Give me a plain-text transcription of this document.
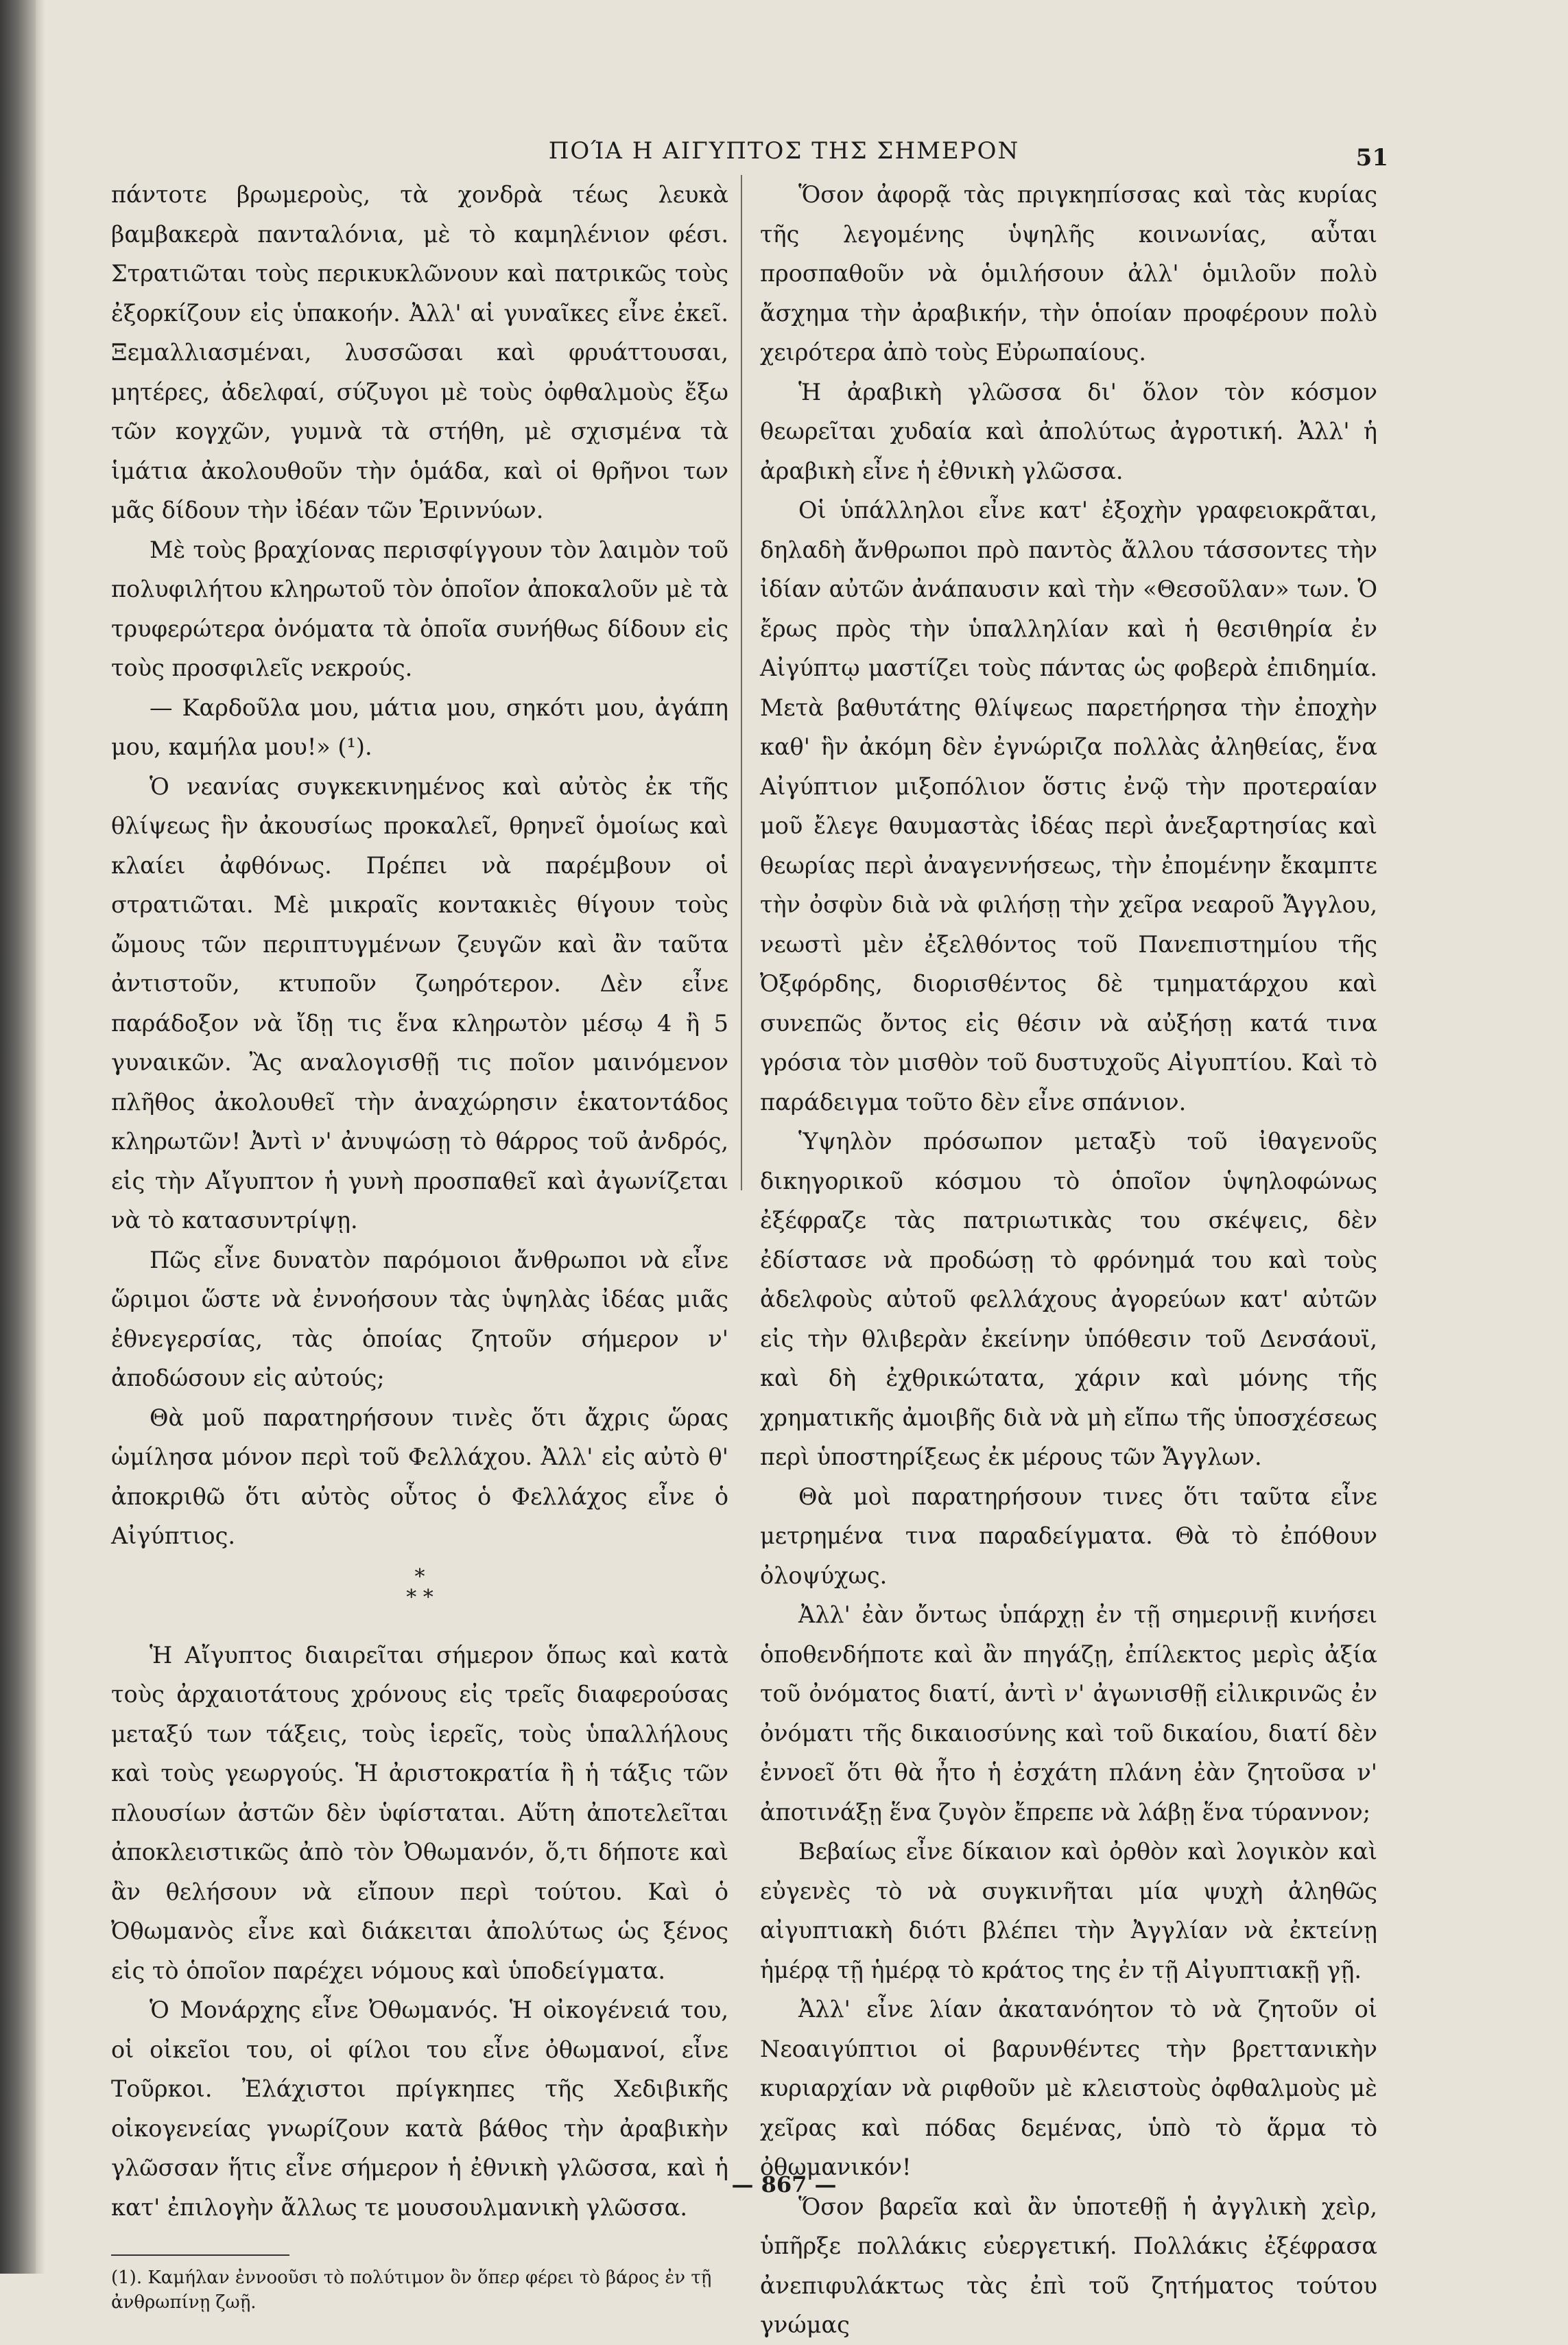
ΠΟΊΑ Η ΑΙΓΥΠΤΟΣ ΤΗΣ ΣΗΜΕΡΟΝ	51

πάντοτε βρωμεροὺς, τὰ χονδρὰ τέως λευκὰ βαμβακερὰ πανταλόνια, μὲ τὸ καμηλένιον φέσι. Στρατιῶται τοὺς περικυκλῶνουν καὶ πατρικῶς τοὺς ἐξορκίζουν εἰς ὑπακοήν. Ἀλλ' αἱ γυναῖκες εἶνε ἐκεῖ. Ξεμαλλιασμέναι, λυσσῶσαι καὶ φρυάττουσαι, μητέρες, ἀδελφαί, σύζυγοι μὲ τοὺς ὀφθαλμοὺς ἔξω τῶν κογχῶν, γυμνὰ τὰ στήθη, μὲ σχισμένα τὰ ἱμάτια ἀκολουθοῦν τὴν ὁμάδα, καὶ οἱ θρῆνοι των μᾶς δίδουν τὴν ἰδέαν τῶν Ἐριννύων.

Μὲ τοὺς βραχίονας περισφίγγουν τὸν λαιμὸν τοῦ πολυφιλήτου κληρωτοῦ τὸν ὁποῖον ἀποκαλοῦν μὲ τὰ τρυφερώτερα ὀνόματα τὰ ὁποῖα συνήθως δίδουν εἰς τοὺς προσφιλεῖς νεκρούς.

— Καρδοῦλα μου, μάτια μου, σηκότι μου, ἀγάπη μου, καμήλα μου!» (¹).

Ὁ νεανίας συγκεκινημένος καὶ αὐτὸς ἐκ τῆς θλίψεως ἣν ἀκουσίως προκαλεῖ, θρηνεῖ ὁμοίως καὶ κλαίει ἀφθόνως. Πρέπει νὰ παρέμβουν οἱ στρατιῶται. Μὲ μικραῖς κοντακιὲς θίγουν τοὺς ὤμους τῶν περιπτυγμένων ζευγῶν καὶ ἂν ταῦτα ἀντιστοῦν, κτυποῦν ζωηρότερον. Δὲν εἶνε παράδοξον νὰ ἴδῃ τις ἕνα κληρωτὸν μέσῳ 4 ἢ 5 γυναικῶν. Ἂς αναλογισθῇ τις ποῖον μαινόμενον πλῆθος ἀκολουθεῖ τὴν ἀναχώρησιν ἑκατοντάδος κληρωτῶν! Ἀντὶ ν' ἀνυψώσῃ τὸ θάρρος τοῦ ἀνδρός, εἰς τὴν Αἴγυπτον ἡ γυνὴ προσπαθεῖ καὶ ἀγωνίζεται νὰ τὸ κατασυντρίψῃ.

Πῶς εἶνε δυνατὸν παρόμοιοι ἄνθρωποι νὰ εἶνε ὥριμοι ὥστε νὰ ἐννοήσουν τὰς ὑψηλὰς ἰδέας μιᾶς ἐθνεγερσίας, τὰς ὁποίας ζητοῦν σήμερον ν' ἀποδώσουν εἰς αὐτούς;

Θὰ μοῦ παρατηρήσουν τινὲς ὅτι ἄχρις ὥρας ὡμίλησα μόνον περὶ τοῦ Φελλάχου. Ἀλλ' εἰς αὐτὸ θ' ἀποκριθῶ ὅτι αὐτὸς οὗτος ὁ Φελλάχος εἶνε ὁ Αἰγύπτιος.

*
* *

Ἡ Αἴγυπτος διαιρεῖται σήμερον ὅπως καὶ κατὰ τοὺς ἀρχαιοτάτους χρόνους εἰς τρεῖς διαφερούσας μεταξύ των τάξεις, τοὺς ἱερεῖς, τοὺς ὑπαλλήλους καὶ τοὺς γεωργούς. Ἡ ἀριστοκρατία ἢ ἡ τάξις τῶν πλουσίων ἀστῶν δὲν ὑφίσταται. Αὕτη ἀποτελεῖται ἀποκλειστικῶς ἀπὸ τὸν Ὀθωμανόν, ὅ,τι δήποτε καὶ ἂν θελήσουν νὰ εἴπουν περὶ τούτου. Καὶ ὁ Ὀθωμανὸς εἶνε καὶ διάκειται ἀπολύτως ὡς ξένος εἰς τὸ ὁποῖον παρέχει νόμους καὶ ὑποδείγματα.

Ὁ Μονάρχης εἶνε Ὀθωμανός. Ἡ οἰκογένειά του, οἱ οἰκεῖοι του, οἱ φίλοι του εἶνε ὀθωμανοί, εἶνε Τοῦρκοι. Ἐλάχιστοι πρίγκηπες τῆς Χεδιβικῆς οἰκογενείας γνωρίζουν κατὰ βάθος τὴν ἀραβικὴν γλῶσσαν ἥτις εἶνε σήμερον ἡ ἐθνικὴ γλῶσσα, καὶ ἡ κατ' ἐπιλογὴν ἄλλως τε μουσουλμανικὴ γλῶσσα.

(1). Καμήλαν ἐννοοῦσι τὸ πολύτιμον ὃν ὅπερ φέρει τὸ βάρος ἐν τῇ ἀνθρωπίνῃ ζωῇ.

Ὅσον ἀφορᾷ τὰς πριγκηπίσσας καὶ τὰς κυρίας τῆς λεγομένης ὑψηλῆς κοινωνίας, αὗται προσπαθοῦν νὰ ὁμιλήσουν ἀλλ' ὁμιλοῦν πολὺ ἄσχημα τὴν ἀραβικήν, τὴν ὁποίαν προφέρουν πολὺ χειρότερα ἀπὸ τοὺς Εὐρωπαίους.

Ἡ ἀραβικὴ γλῶσσα δι' ὅλον τὸν κόσμον θεωρεῖται χυδαία καὶ ἀπολύτως ἀγροτική. Ἀλλ' ἡ ἀραβικὴ εἶνε ἡ ἐθνικὴ γλῶσσα.

Οἱ ὑπάλληλοι εἶνε κατ' ἐξοχὴν γραφειοκρᾶται, δηλαδὴ ἄνθρωποι πρὸ παντὸς ἄλλου τάσσοντες τὴν ἰδίαν αὐτῶν ἀνάπαυσιν καὶ τὴν «Θεσοῦλαν» των. Ὁ ἔρως πρὸς τὴν ὑπαλληλίαν καὶ ἡ θεσιθηρία ἐν Αἰγύπτῳ μαστίζει τοὺς πάντας ὡς φοβερὰ ἐπιδημία. Μετὰ βαθυτάτης θλίψεως παρετήρησα τὴν ἐποχὴν καθ' ἣν ἀκόμη δὲν ἐγνώριζα πολλὰς ἀληθείας, ἕνα Αἰγύπτιον μιξοπόλιον ὅστις ἐνῷ τὴν προτεραίαν μοῦ ἔλεγε θαυμαστὰς ἰδέας περὶ ἀνεξαρτησίας καὶ θεωρίας περὶ ἀναγεννήσεως, τὴν ἐπομένην ἔκαμπτε τὴν ὀσφὺν διὰ νὰ φιλήσῃ τὴν χεῖρα νεαροῦ Ἄγγλου, νεωστὶ μὲν ἐξελθόντος τοῦ Πανεπιστημίου τῆς Ὀξφόρδης, διορισθέντος δὲ τμηματάρχου καὶ συνεπῶς ὄντος εἰς θέσιν νὰ αὐξήσῃ κατά τινα γρόσια τὸν μισθὸν τοῦ δυστυχοῦς Αἰγυπτίου. Καὶ τὸ παράδειγμα τοῦτο δὲν εἶνε σπάνιον.

Ὑψηλὸν πρόσωπον μεταξὺ τοῦ ἰθαγενοῦς δικηγορικοῦ κόσμου τὸ ὁποῖον ὑψηλοφώνως ἐξέφραζε τὰς πατριωτικὰς του σκέψεις, δὲν ἐδίστασε νὰ προδώσῃ τὸ φρόνημά του καὶ τοὺς ἀδελφοὺς αὐτοῦ φελλάχους ἀγορεύων κατ' αὐτῶν εἰς τὴν θλιβερὰν ἐκείνην ὑπόθεσιν τοῦ Δενσάουϊ, καὶ δὴ ἐχθρικώτατα, χάριν καὶ μόνης τῆς χρηματικῆς ἀμοιβῆς διὰ νὰ μὴ εἴπω τῆς ὑποσχέσεως περὶ ὑποστηρίξεως ἐκ μέρους τῶν Ἄγγλων.

Θὰ μοὶ παρατηρήσουν τινες ὅτι ταῦτα εἶνε μετρημένα τινα παραδείγματα. Θὰ τὸ ἐπόθουν ὀλοψύχως.

Ἀλλ' ἐὰν ὄντως ὑπάρχῃ ἐν τῇ σημερινῇ κινήσει ὁποθενδήποτε καὶ ἂν πηγάζῃ, ἐπίλεκτος μερὶς ἀξία τοῦ ὀνόματος διατί, ἀντὶ ν' ἀγωνισθῇ εἰλικρινῶς ἐν ὀνόματι τῆς δικαιοσύνης καὶ τοῦ δικαίου, διατί δὲν ἐννοεῖ ὅτι θὰ ἦτο ἡ ἐσχάτη πλάνη ἐὰν ζητοῦσα ν' ἀποτινάξῃ ἕνα ζυγὸν ἔπρεπε νὰ λάβῃ ἕνα τύραννον;

Βεβαίως εἶνε δίκαιον καὶ ὀρθὸν καὶ λογικὸν καὶ εὐγενὲς τὸ νὰ συγκινῆται μία ψυχὴ ἀληθῶς αἰγυπτιακὴ διότι βλέπει τὴν Ἀγγλίαν νὰ ἐκτείνῃ ἡμέρᾳ τῇ ἡμέρᾳ τὸ κράτος της ἐν τῇ Αἰγυπτιακῇ γῇ.

Ἀλλ' εἶνε λίαν ἀκατανόητον τὸ νὰ ζητοῦν οἱ Νεοαιγύπτιοι οἱ βαρυνθέντες τὴν βρεττανικὴν κυριαρχίαν νὰ ριφθοῦν μὲ κλειστοὺς ὀφθαλμοὺς μὲ χεῖρας καὶ πόδας δεμένας, ὑπὸ τὸ ἅρμα τὸ ὀθωμανικόν!

Ὅσον βαρεῖα καὶ ἂν ὑποτεθῇ ἡ ἀγγλικὴ χεὶρ, ὑπῆρξε πολλάκις εὐεργετική. Πολλάκις ἐξέφρασα ἀνεπιφυλάκτως τὰς ἐπὶ τοῦ ζητήματος τούτου γνώμας

— 867 —
